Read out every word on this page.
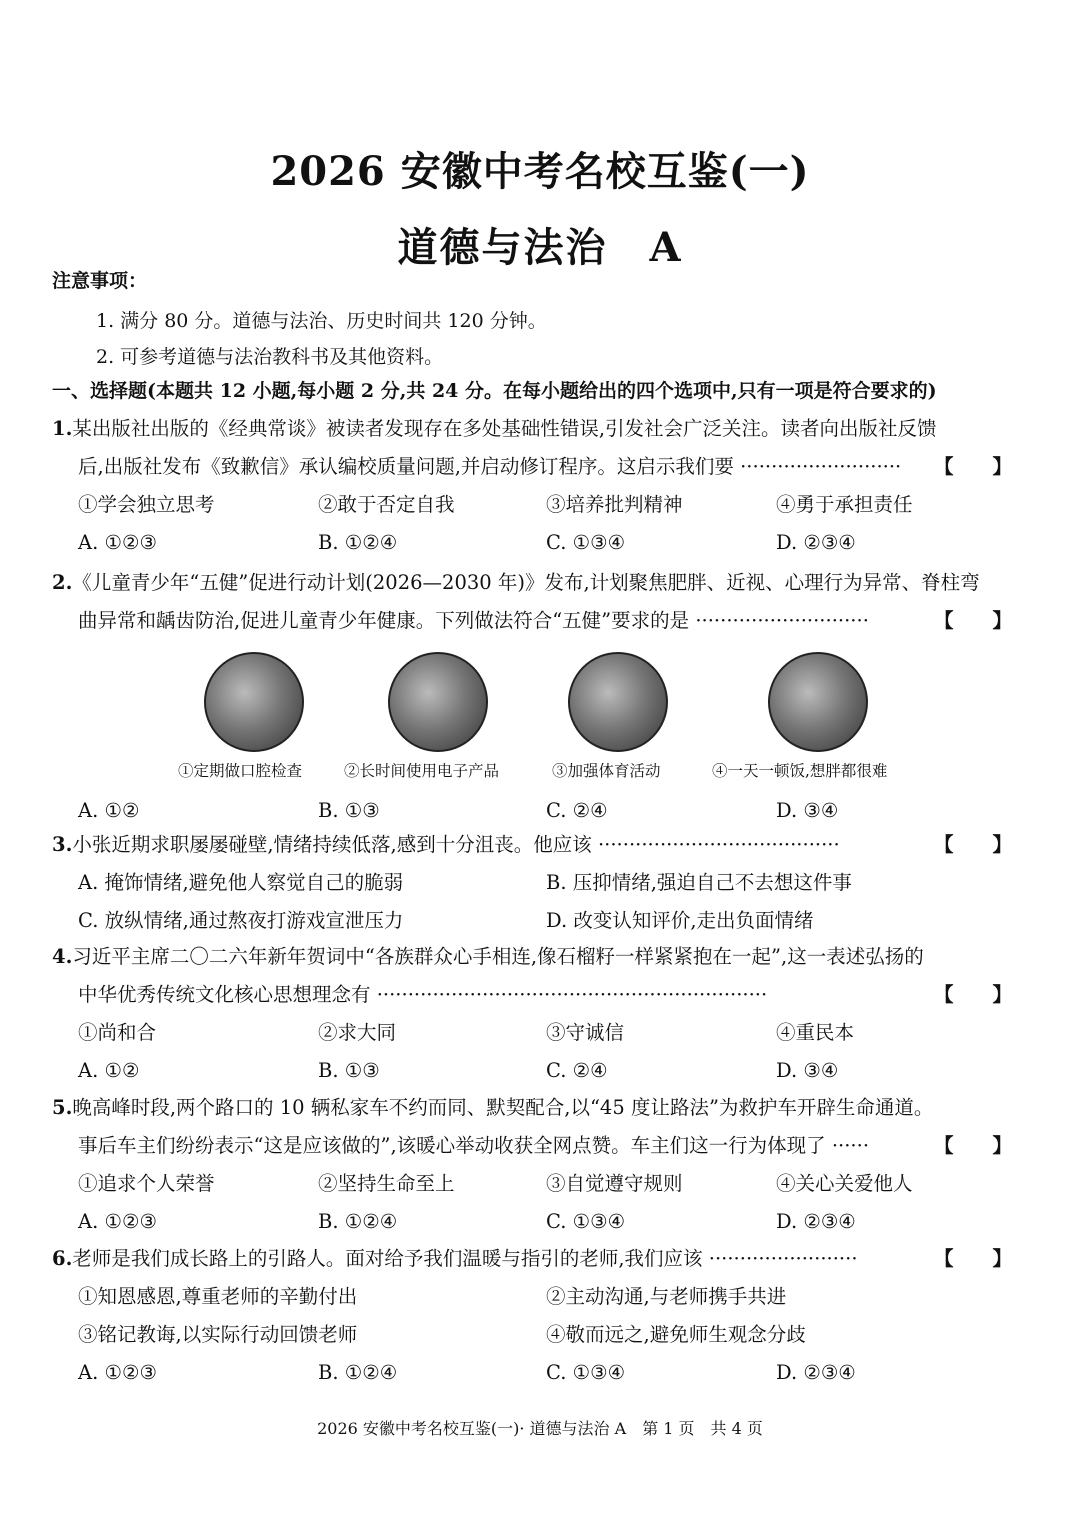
2026 安徽中考名校互鉴(一)
道德与法治　A
注意事项：
1. 满分 80 分。道德与法治、历史时间共 120 分钟。
2. 可参考道德与法治教科书及其他资料。
一、选择题(本题共 12 小题,每小题 2 分,共 24 分。在每小题给出的四个选项中,只有一项是符合要求的)
1.某出版社出版的《经典常谈》被读者发现存在多处基础性错误,引发社会广泛关注。读者向出版社反馈
后,出版社发布《致歉信》承认编校质量问题,并启动修订程序。这启示我们要 ·························· 【　　】
①学会独立思考	②敢于否定自我	③培养批判精神	④勇于承担责任
A. ①②③	B. ①②④	C. ①③④	D. ②③④
2.《儿童青少年“五健”促进行动计划(2026—2030 年)》发布,计划聚焦肥胖、近视、心理行为异常、脊柱弯
曲异常和龋齿防治,促进儿童青少年健康。下列做法符合“五健”要求的是 ····························	【　　】
①定期做口腔检查	②长时间使用电子产品	③加强体育活动	④一天一顿饭,想胖都很难
A. ①②	B. ①③	C. ②④	D. ③④
3.小张近期求职屡屡碰壁,情绪持续低落,感到十分沮丧。他应该 ·······································	【　　】
A. 掩饰情绪,避免他人察觉自己的脆弱	B. 压抑情绪,强迫自己不去想这件事
C. 放纵情绪,通过熬夜打游戏宣泄压力	D. 改变认知评价,走出负面情绪
4.习近平主席二〇二六年新年贺词中“各族群众心手相连,像石榴籽一样紧紧抱在一起”,这一表述弘扬的
中华优秀传统文化核心思想理念有 ·······························································	【　　】
①尚和合	②求大同	③守诚信	④重民本
A. ①②	B. ①③	C. ②④	D. ③④
5.晚高峰时段,两个路口的 10 辆私家车不约而同、默契配合,以“45 度让路法”为救护车开辟生命通道。
事后车主们纷纷表示“这是应该做的”,该暖心举动收获全网点赞。车主们这一行为体现了 ······	【　　】
①追求个人荣誉	②坚持生命至上	③自觉遵守规则	④关心关爱他人
A. ①②③	B. ①②④	C. ①③④	D. ②③④
6.老师是我们成长路上的引路人。面对给予我们温暖与指引的老师,我们应该 ························	【　　】
①知恩感恩,尊重老师的辛勤付出	②主动沟通,与老师携手共进
③铭记教诲,以实际行动回馈老师	④敬而远之,避免师生观念分歧
A. ①②③	B. ①②④	C. ①③④	D. ②③④
2026 安徽中考名校互鉴(一)· 道德与法治 A　第 1 页　共 4 页
